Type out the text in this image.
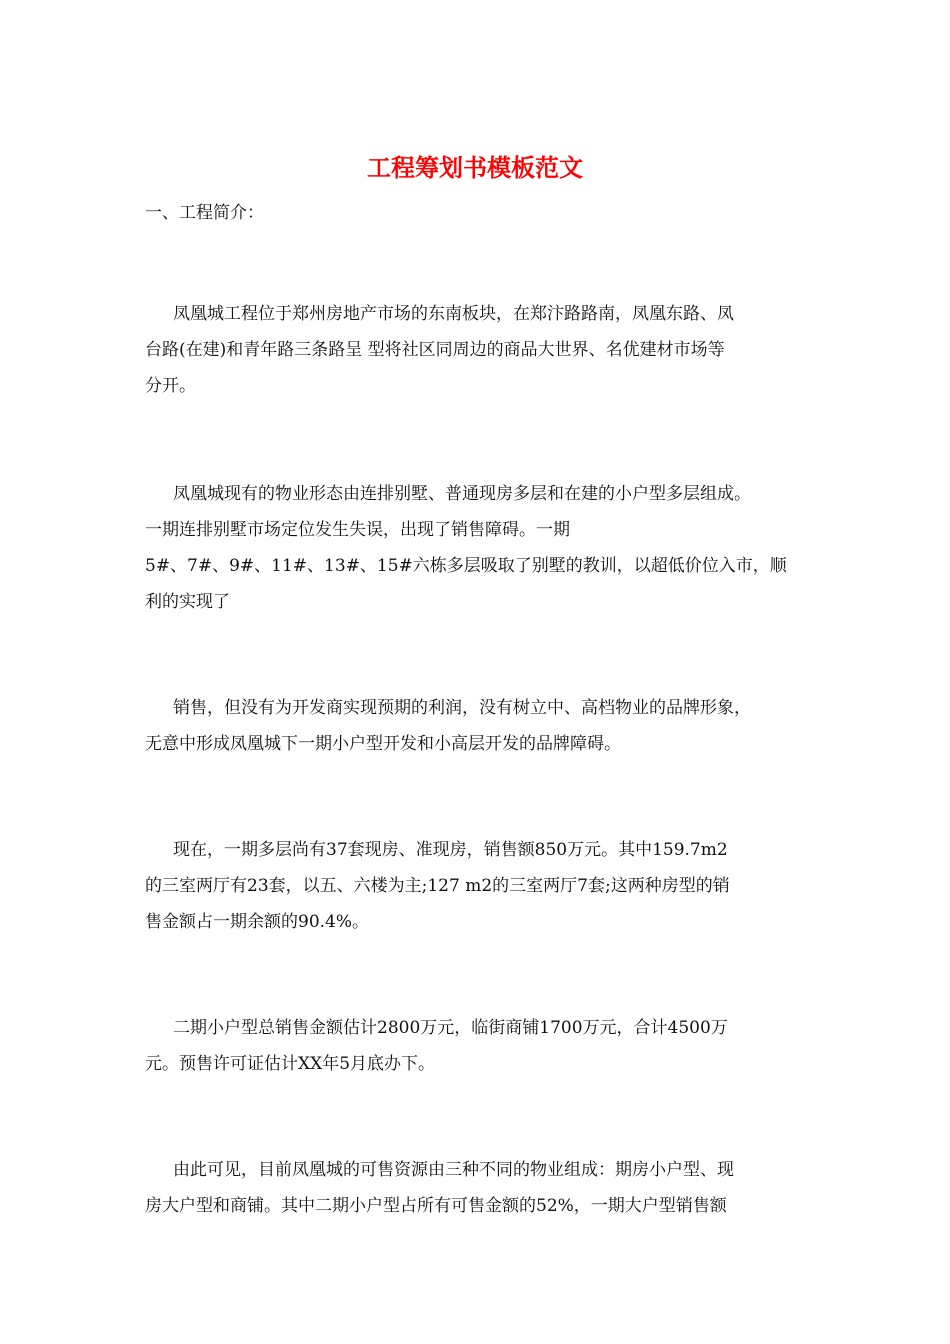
工程筹划书模板范文
一、工程简介：
凤凰城工程位于郑州房地产市场的东南板块，在郑汴路路南，凤凰东路、凤
台路(在建)和青年路三条路呈 型将社区同周边的商品大世界、名优建材市场等
分开。
凤凰城现有的物业形态由连排别墅、普通现房多层和在建的小户型多层组成。
一期连排别墅市场定位发生失误，出现了销售障碍。一期
5#、7#、9#、11#、13#、15#六栋多层吸取了别墅的教训，以超低价位入市，顺
利的实现了
销售，但没有为开发商实现预期的利润，没有树立中、高档物业的品牌形象，
无意中形成凤凰城下一期小户型开发和小高层开发的品牌障碍。
现在，一期多层尚有37套现房、准现房，销售额850万元。其中159.7m2
的三室两厅有23套，以五、六楼为主;127 m2的三室两厅7套;这两种房型的销
售金额占一期余额的90.4%。
二期小户型总销售金额估计2800万元，临街商铺1700万元，合计4500万
元。预售许可证估计XX年5月底办下。
由此可见，目前凤凰城的可售资源由三种不同的物业组成：期房小户型、现
房大户型和商铺。其中二期小户型占所有可售金额的52%，一期大户型销售额
